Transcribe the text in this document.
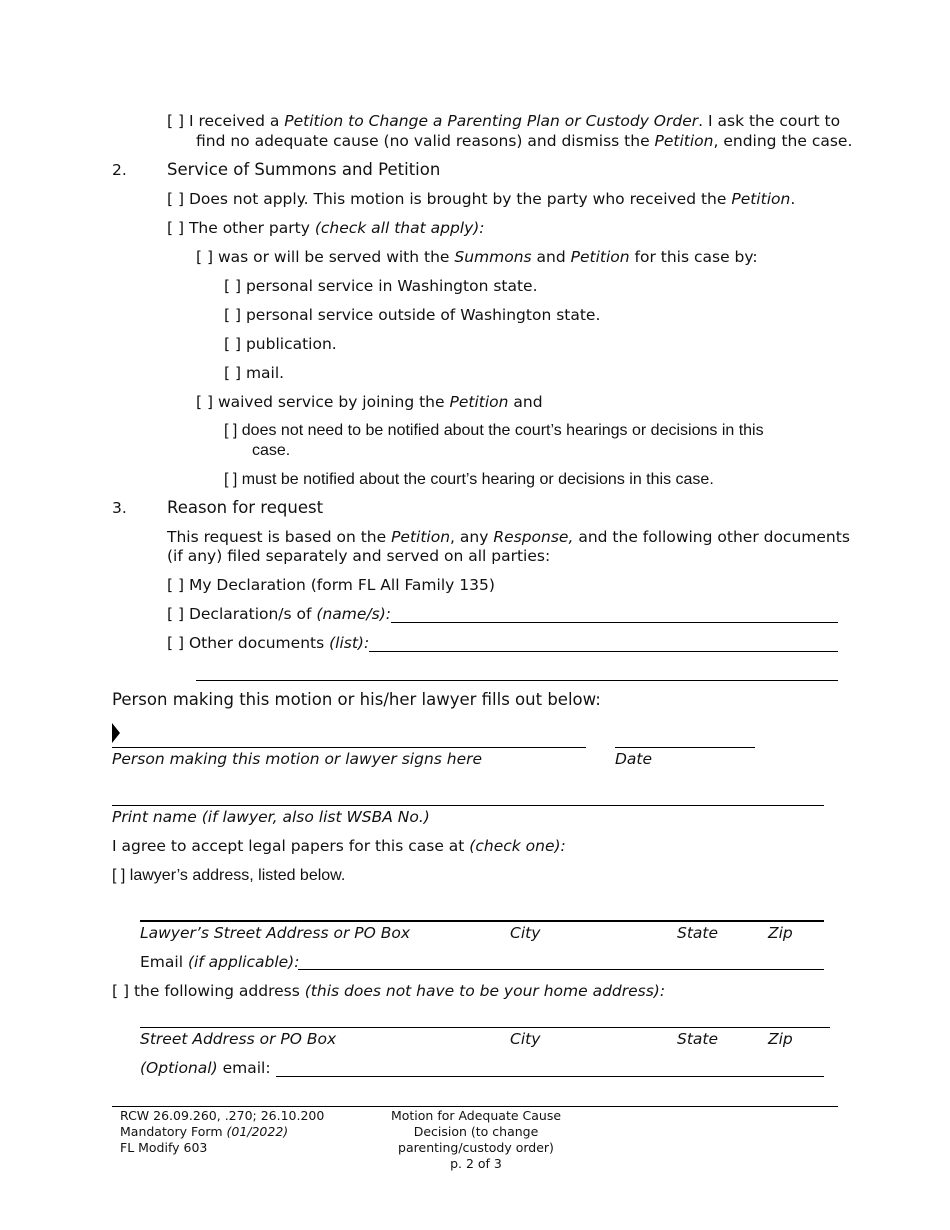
[ ] I received a Petition to Change a Parenting Plan or Custody Order. I ask the court to
find no adequate cause (no valid reasons) and dismiss the Petition, ending the case.
2. Service of Summons and Petition
[ ] Does not apply. This motion is brought by the party who received the Petition.
[ ] The other party (check all that apply):
[ ] was or will be served with the Summons and Petition for this case by:
[ ] personal service in Washington state.
[ ] personal service outside of Washington state.
[ ] publication.
[ ] mail.
[ ] waived service by joining the Petition and
[ ] does not need to be notified about the court’s hearings or decisions in this
case.
[ ] must be notified about the court’s hearing or decisions in this case.
3. Reason for request
This request is based on the Petition, any Response, and the following other documents
(if any) filed separately and served on all parties:
[ ] My Declaration (form FL All Family 135)
[ ] Declaration/s of (name/s):
[ ] Other documents (list):
Person making this motion or his/her lawyer fills out below:
Person making this motion or lawyer signs here	Date
Print name (if lawyer, also list WSBA No.)
I agree to accept legal papers for this case at (check one):
[ ] lawyer’s address, listed below.
Lawyer’s Street Address or PO Box	City	State	Zip
Email (if applicable):
[ ] the following address (this does not have to be your home address):
Street Address or PO Box	City	State	Zip
(Optional) email:
RCW 26.09.260, .270; 26.10.200
Mandatory Form (01/2022)
FL Modify 603
Motion for Adequate Cause
Decision (to change
parenting/custody order)
p. 2 of 3
